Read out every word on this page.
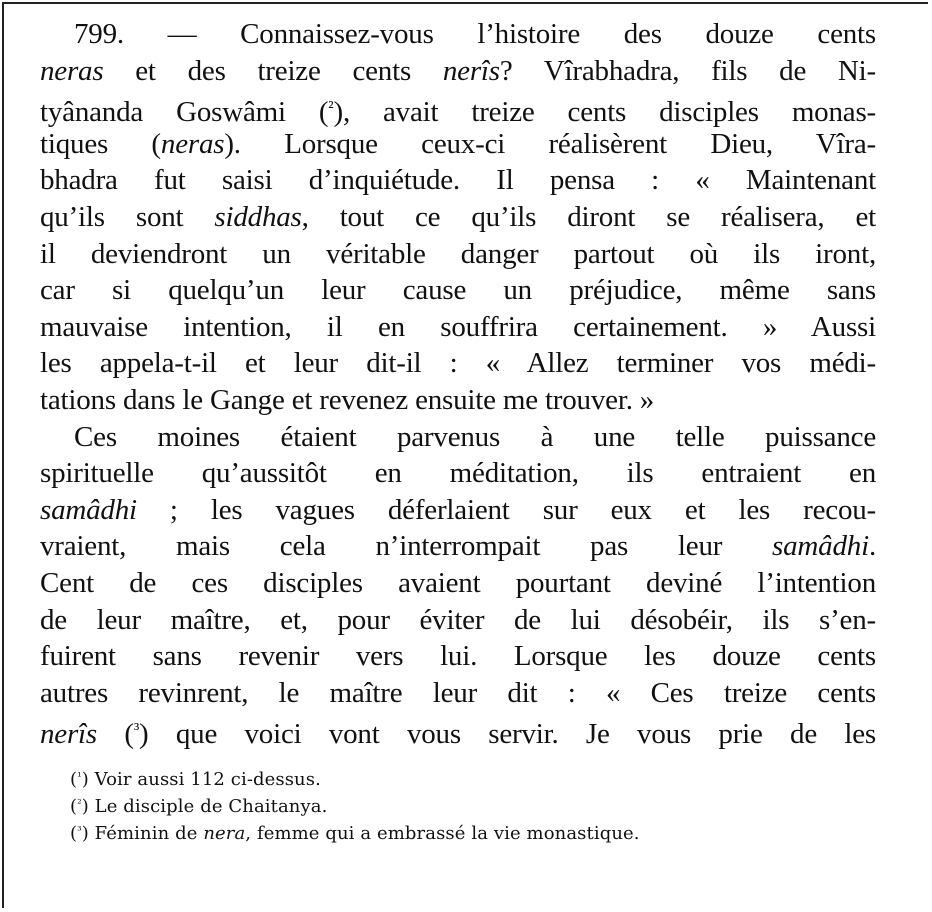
799. — Connaissez-vous l’histoire des douze cents
neras et des treize cents nerîs? Vîrabhadra, fils de Ni-
tyânanda Goswâmi ($^{^2}$), avait treize cents disciples monas-
tiques (neras). Lorsque ceux-ci réalisèrent Dieu, Vîra-
bhadra fut saisi d’inquiétude. Il pensa : « Maintenant
qu’ils sont siddhas, tout ce qu’ils diront se réalisera, et
il deviendront un véritable danger partout où ils iront,
car si quelqu’un leur cause un préjudice, même sans
mauvaise intention, il en souffrira certainement. » Aussi
les appela-t-il et leur dit-il : « Allez terminer vos médi-
tations dans le Gange et revenez ensuite me trouver. »
Ces moines étaient parvenus à une telle puissance
spirituelle qu’aussitôt en méditation, ils entraient en
samâdhi ; les vagues déferlaient sur eux et les recou-
vraient, mais cela n’interrompait pas leur samâdhi.
Cent de ces disciples avaient pourtant deviné l’intention
de leur maître, et, pour éviter de lui désobéir, ils s’en-
fuirent sans revenir vers lui. Lorsque les douze cents
autres revinrent, le maître leur dit : « Ces treize cents
nerîs ($^{^3}$) que voici vont vous servir. Je vous prie de les
($^{^1}$) Voir aussi 112 ci-dessus.
($^{^2}$) Le disciple de Chaitanya.
($^{^3}$) Féminin de nera, femme qui a embrassé la vie monastique.
